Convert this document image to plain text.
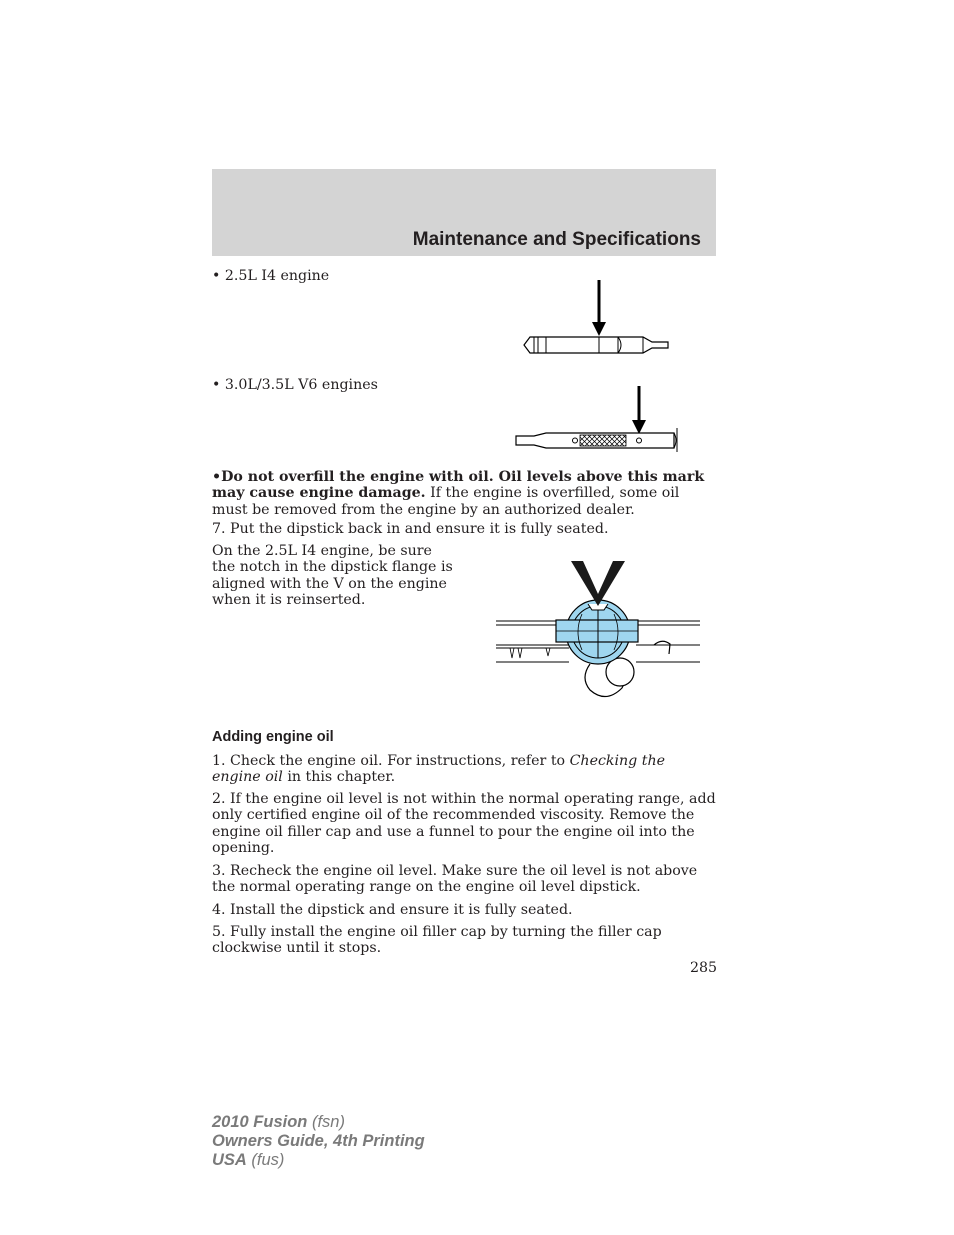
Maintenance and Specifications
• 2.5L I4 engine
• 3.0L/3.5L V6 engines
•Do not overfill the engine with oil. Oil levels above this mark may cause engine damage. If the engine is overfilled, some oil must be removed from the engine by an authorized dealer.
7. Put the dipstick back in and ensure it is fully seated.
On the 2.5L I4 engine, be sure the notch in the dipstick flange is aligned with the V on the engine when it is reinserted.
Adding engine oil
1. Check the engine oil. For instructions, refer to Checking the engine oil in this chapter.
2. If the engine oil level is not within the normal operating range, add only certified engine oil of the recommended viscosity. Remove the engine oil filler cap and use a funnel to pour the engine oil into the opening.
3. Recheck the engine oil level. Make sure the oil level is not above the normal operating range on the engine oil level dipstick.
4. Install the dipstick and ensure it is fully seated.
5. Fully install the engine oil filler cap by turning the filler cap clockwise until it stops.
285
2010 Fusion (fsn)
Owners Guide, 4th Printing
USA (fus)
